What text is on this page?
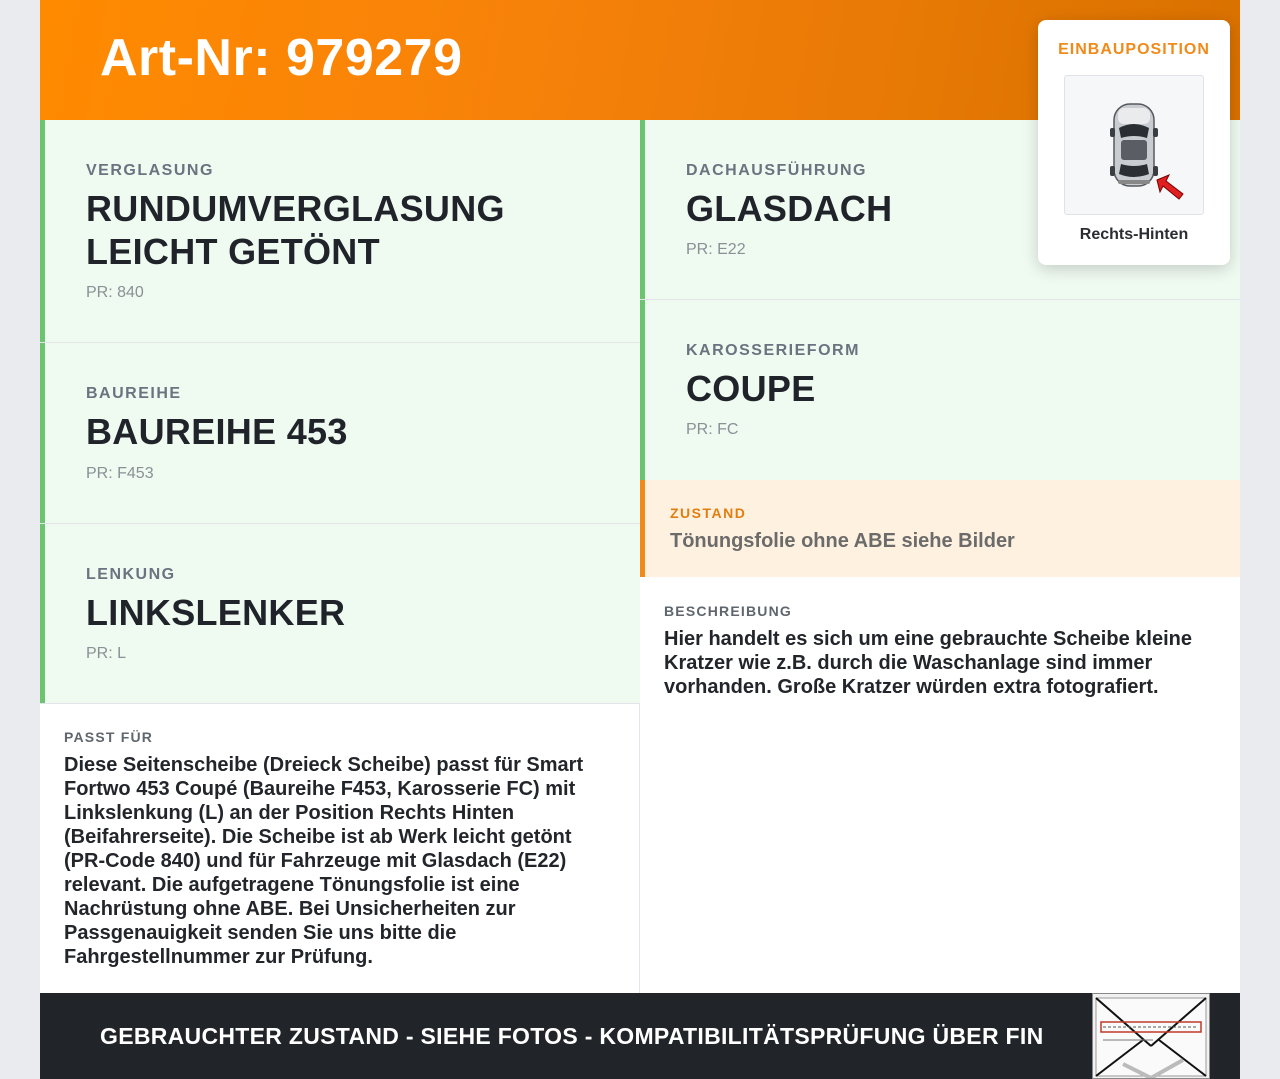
Art-Nr: 979279
VERGLASUNG
RUNDUMVERGLASUNG
LEICHT GETÖNT
PR: 840
BAUREIHE
BAUREIHE 453
PR: F453
LENKUNG
LINKSLENKER
PR: L
DACHAUSFÜHRUNG
GLASDACH
PR: E22
KAROSSERIEFORM
COUPE
PR: FC
ZUSTAND
Tönungsfolie ohne ABE siehe Bilder
PASST FÜR
Diese Seitenscheibe (Dreieck Scheibe) passt für Smart
Fortwo 453 Coupé (Baureihe F453, Karosserie FC) mit
Linkslenkung (L) an der Position Rechts Hinten
(Beifahrerseite). Die Scheibe ist ab Werk leicht getönt
(PR-Code 840) und für Fahrzeuge mit Glasdach (E22)
relevant. Die aufgetragene Tönungsfolie ist eine
Nachrüstung ohne ABE. Bei Unsicherheiten zur
Passgenauigkeit senden Sie uns bitte die
Fahrgestellnummer zur Prüfung.
BESCHREIBUNG
Hier handelt es sich um eine gebrauchte Scheibe kleine
Kratzer wie z.B. durch die Waschanlage sind immer
vorhanden. Große Kratzer würden extra fotografiert.
GEBRAUCHTER ZUSTAND - SIEHE FOTOS - KOMPATIBILITÄTSPRÜFUNG ÜBER FIN
EINBAUPOSITION
Rechts-Hinten
